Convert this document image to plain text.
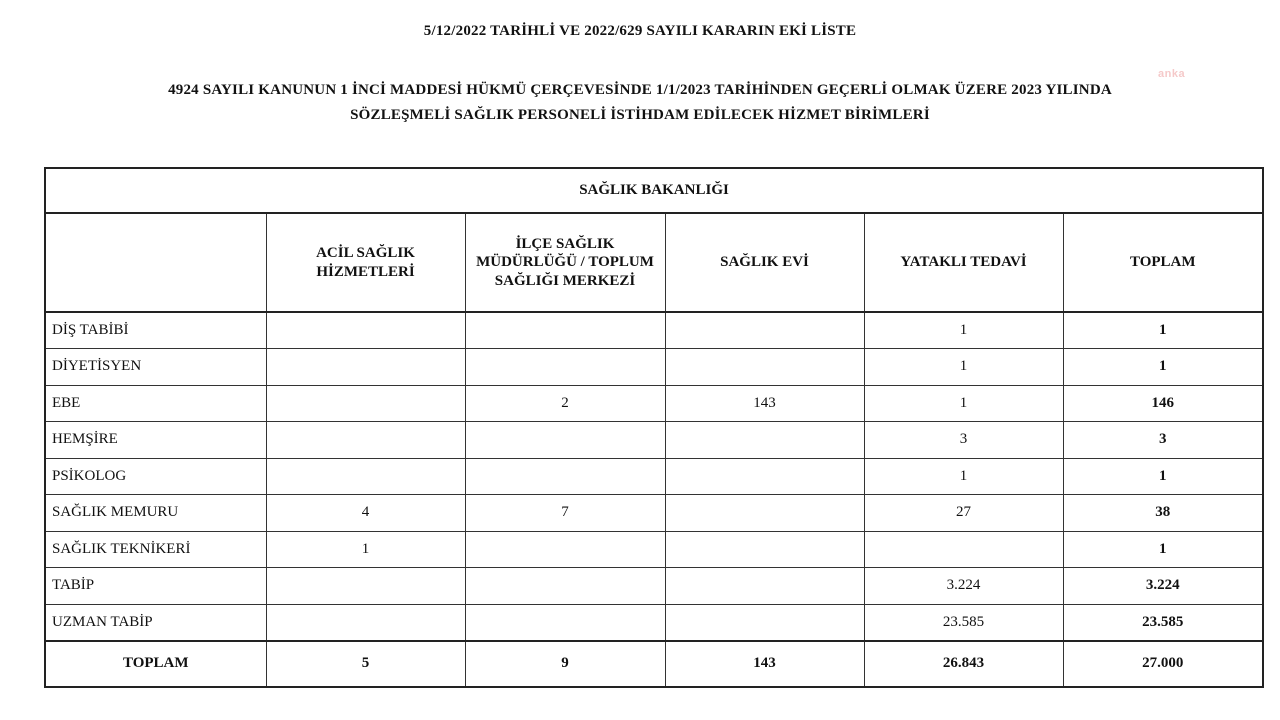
5/12/2022 TARİHLİ VE 2022/629 SAYILI KARARIN EKİ LİSTE
4924 SAYILI KANUNUN 1 İNCİ MADDESİ HÜKMÜ ÇERÇEVESİNDE 1/1/2023 TARİHİNDEN GEÇERLİ OLMAK ÜZERE 2023 YILINDA
SÖZLEŞMELİ SAĞLIK PERSONELİ İSTİHDAM EDİLECEK HİZMET BİRİMLERİ
anka
SAĞLIK BAKANLIĞI					
	ACİL SAĞLIK HİZMETLERİ	İLÇE SAĞLIK MÜDÜRLÜĞÜ / TOPLUM SAĞLIĞI MERKEZİ	SAĞLIK EVİ	YATAKLI TEDAVİ	TOPLAM
DİŞ TABİBİ				1	1
DİYETİSYEN				1	1
EBE		2	143	1	146
HEMŞİRE				3	3
PSİKOLOG				1	1
SAĞLIK MEMURU	4	7		27	38
SAĞLIK TEKNİKERİ	1				1
TABİP				3.224	3.224
UZMAN TABİP				23.585	23.585
TOPLAM	5	9	143	26.843	27.000
